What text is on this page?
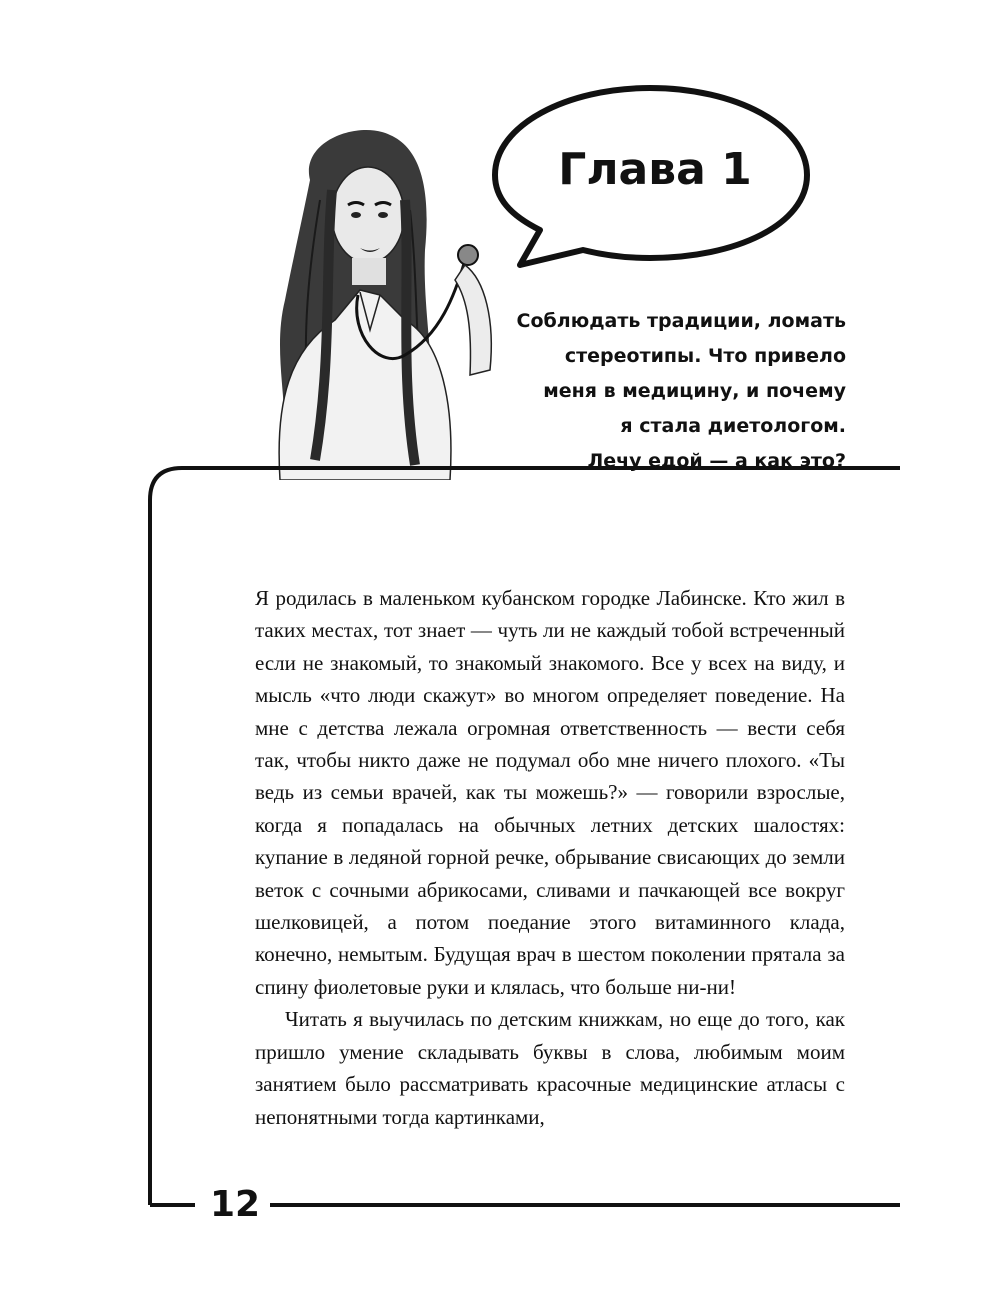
Глава 1
Соблюдать традиции, ломать
стереотипы. Что привело
меня в медицину, и почему
я стала диетологом.
Лечу едой — а как это?

Я родилась в маленьком кубанском городке Лабинске. Кто жил в таких местах, тот знает — чуть ли не каждый тобой встреченный если не знакомый, то знакомый знакомого. Все у всех на виду, и мысль «что люди скажут» во многом определяет поведение. На мне с детства лежала огромная ответственность — вести себя так, чтобы никто даже не подумал обо мне ничего плохого. «Ты ведь из семьи врачей, как ты можешь?» — говорили взрослые, когда я попадалась на обычных летних детских шалостях: купание в ледяной горной речке, обрывание свисающих до земли веток с сочными абрикосами, сливами и пачкающей все вокруг шелковицей, а потом поедание этого витаминного клада, конечно, немытым. Будущая врач в шестом поколении прятала за спину фиолетовые руки и клялась, что больше ни-ни!

Читать я выучилась по детским книжкам, но еще до того, как пришло умение складывать буквы в слова, любимым моим занятием было рассматривать красочные медицинские атласы с непонятными тогда картинками,

12
